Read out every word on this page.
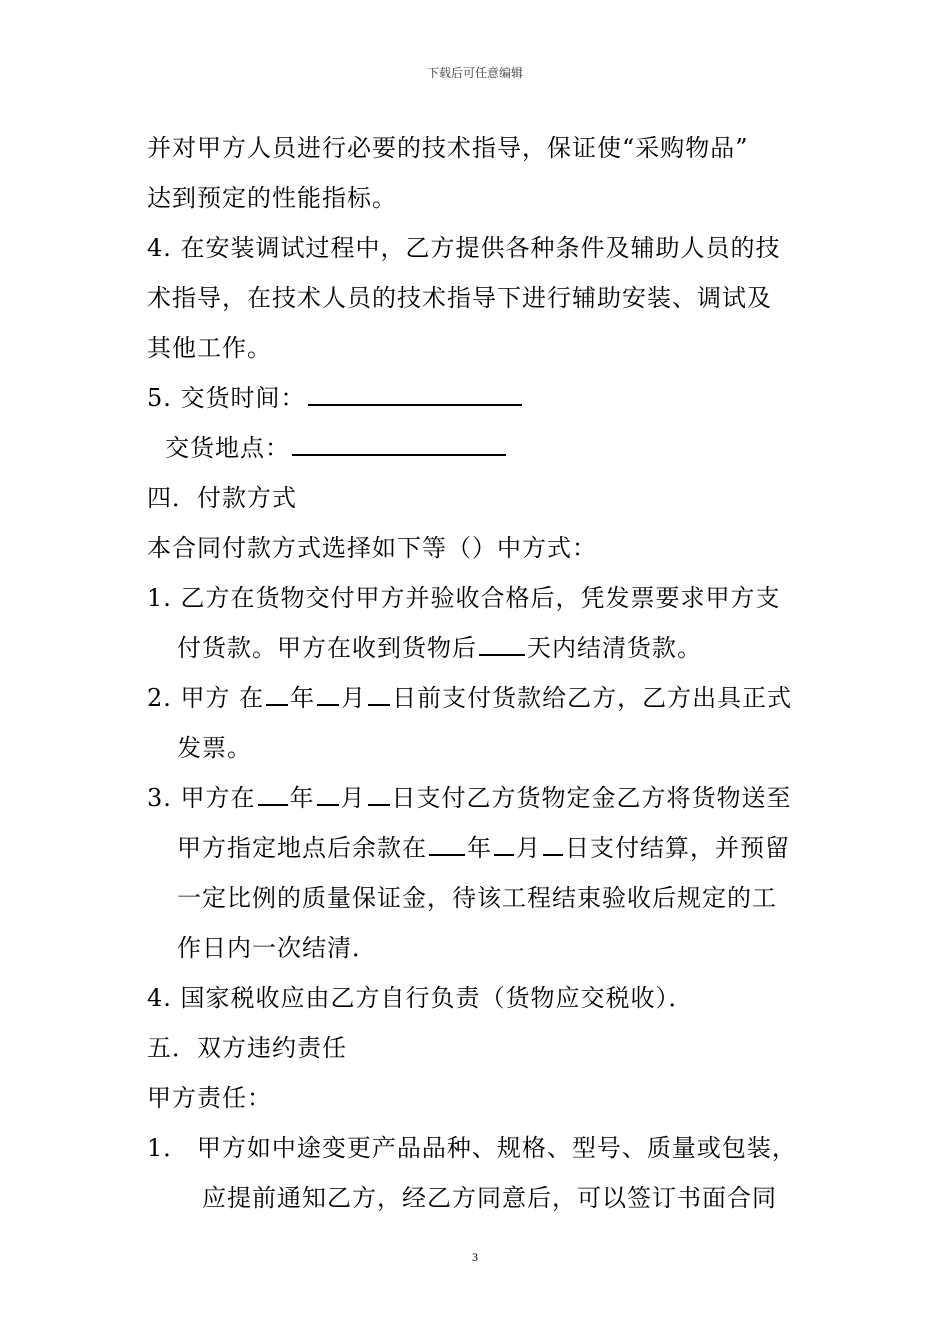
下载后可任意编辑
并对甲方人员进行必要的技术指导，保证使“采购物品”
达到预定的性能指标。
4. 在安装调试过程中，乙方提供各种条件及辅助人员的技
术指导，在技术人员的技术指导下进行辅助安装、调试及
其他工作。
5. 交货时间：
交货地点：
四．付款方式
本合同付款方式选择如下等（）中方式：
1. 乙方在货物交付甲方并验收合格后，凭发票要求甲方支
付货款。甲方在收到货物后 天内结清货款。
2. 甲方 在 年 月 日前支付货款给乙方，乙方出具正式
发票。
3. 甲方在 年 月 日支付乙方货物定金乙方将货物送至
甲方指定地点后余款在 年 月 日支付结算，并预留
一定比例的质量保证金，待该工程结束验收后规定的工
作日内一次结清．
4. 国家税收应由乙方自行负责（货物应交税收）．
五．双方违约责任
甲方责任：
1． 甲方如中途变更产品品种、规格、型号、质量或包装，
应提前通知乙方，经乙方同意后，可以签订书面合同
3
